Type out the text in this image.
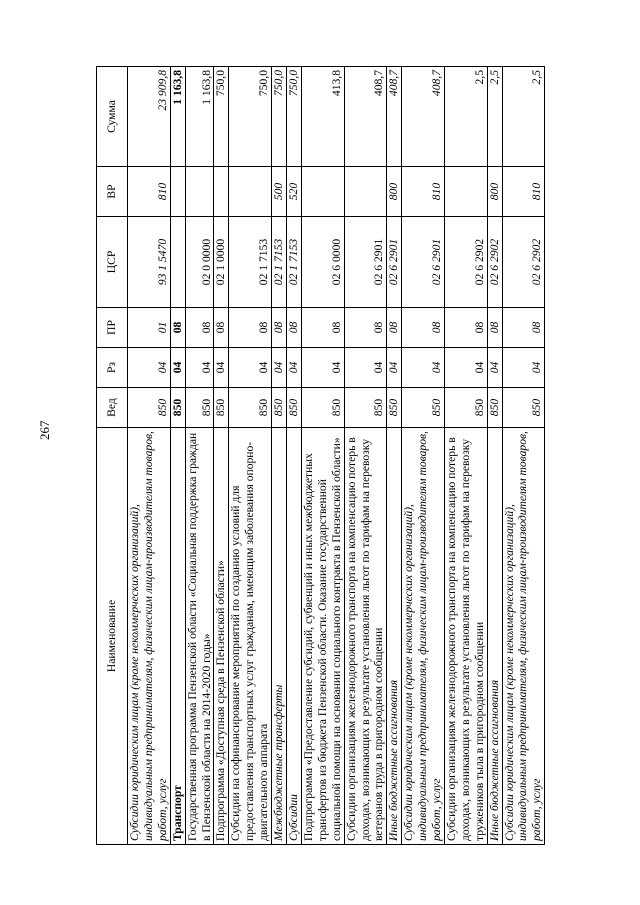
267
Наименование	Вед	Рз	ПР	ЦСР	ВР	Сумма
Субсидии юридическим лицам (кроме некоммерческих организаций), индивидуальным предпринимателям, физическим лицам-производителям товаров, работ, услуг	850	04	01	93 1 5470	810	23 909,8
Транспорт	850	04	08			1 163,8
Государственная программа Пензенской области «Социальная поддержка граждан в Пензенской области на 2014-2020 годы»	850	04	08	02 0 0000		1 163,8
Подпрограмма «Доступная среда в Пензенской области»	850	04	08	02 1 0000		750,0
Субсидии на софинансирование мероприятий по созданию условий для предоставления транспортных услуг гражданам, имеющим заболевания опорно-двигательного аппарата	850	04	08	02 1 7153		750,0
Межбюджетные трансферты	850	04	08	02 1 7153	500	750,0
Субсидии	850	04	08	02 1 7153	520	750,0
Подпрограмма «Предоставление субсидий, субвенций и иных межбюджетных трансфертов из бюджета Пензенской области. Оказание государственной социальной помощи на основании социального контракта в Пензенской области»	850	04	08	02 6 0000		413,8
Субсидии организациям железнодорожного транспорта на компенсацию потерь в доходах, возникающих в результате установления льгот по тарифам на перевозку ветеранов труда в пригородном сообщении	850	04	08	02 6 2901		408,7
Иные бюджетные ассигнования	850	04	08	02 6 2901	800	408,7
Субсидии юридическим лицам (кроме некоммерческих организаций), индивидуальным предпринимателям, физическим лицам-производителям товаров, работ, услуг	850	04	08	02 6 2901	810	408,7
Субсидии организациям железнодорожного транспорта на компенсацию потерь в доходах, возникающих в результате установления льгот по тарифам на перевозку тружеников тыла в пригородном сообщении	850	04	08	02 6 2902		2,5
Иные бюджетные ассигнования	850	04	08	02 6 2902	800	2,5
Субсидии юридическим лицам (кроме некоммерческих организаций), индивидуальным предпринимателям, физическим лицам-производителям товаров, работ, услуг	850	04	08	02 6 2902	810	2,5
